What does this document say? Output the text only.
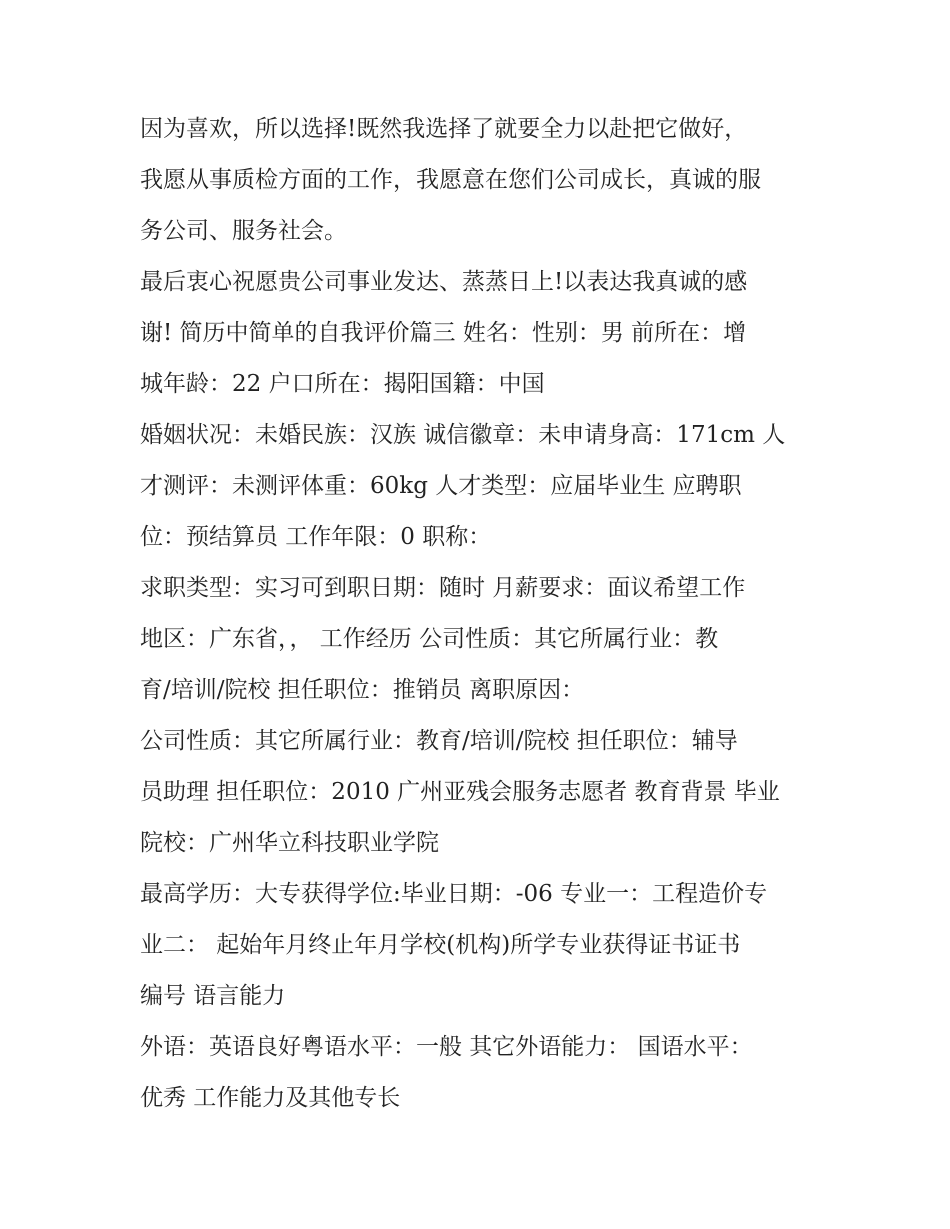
因为喜欢，所以选择!既然我选择了就要全力以赴把它做好，
我愿从事质检方面的工作，我愿意在您们公司成长，真诚的服
务公司、服务社会。
最后衷心祝愿贵公司事业发达、蒸蒸日上!以表达我真诚的感
谢! 简历中简单的自我评价篇三 姓名：性别：男 前所在：增
城年龄：22 户口所在：揭阳国籍：中国
婚姻状况：未婚民族：汉族 诚信徽章：未申请身高：171cm 人
才测评：未测评体重：60kg 人才类型：应届毕业生 应聘职
位：预结算员 工作年限：0 职称：
求职类型：实习可到职日期：随时 月薪要求：面议希望工作
地区：广东省，， 工作经历 公司性质：其它所属行业：教
育/培训/院校 担任职位：推销员 离职原因：
公司性质：其它所属行业：教育/培训/院校 担任职位：辅导
员助理 担任职位：2010 广州亚残会服务志愿者 教育背景 毕业
院校：广州华立科技职业学院
最高学历：大专获得学位:毕业日期：-06 专业一：工程造价专
业二： 起始年月终止年月学校(机构)所学专业获得证书证书
编号 语言能力
外语：英语良好粤语水平：一般 其它外语能力： 国语水平：
优秀 工作能力及其他专长
